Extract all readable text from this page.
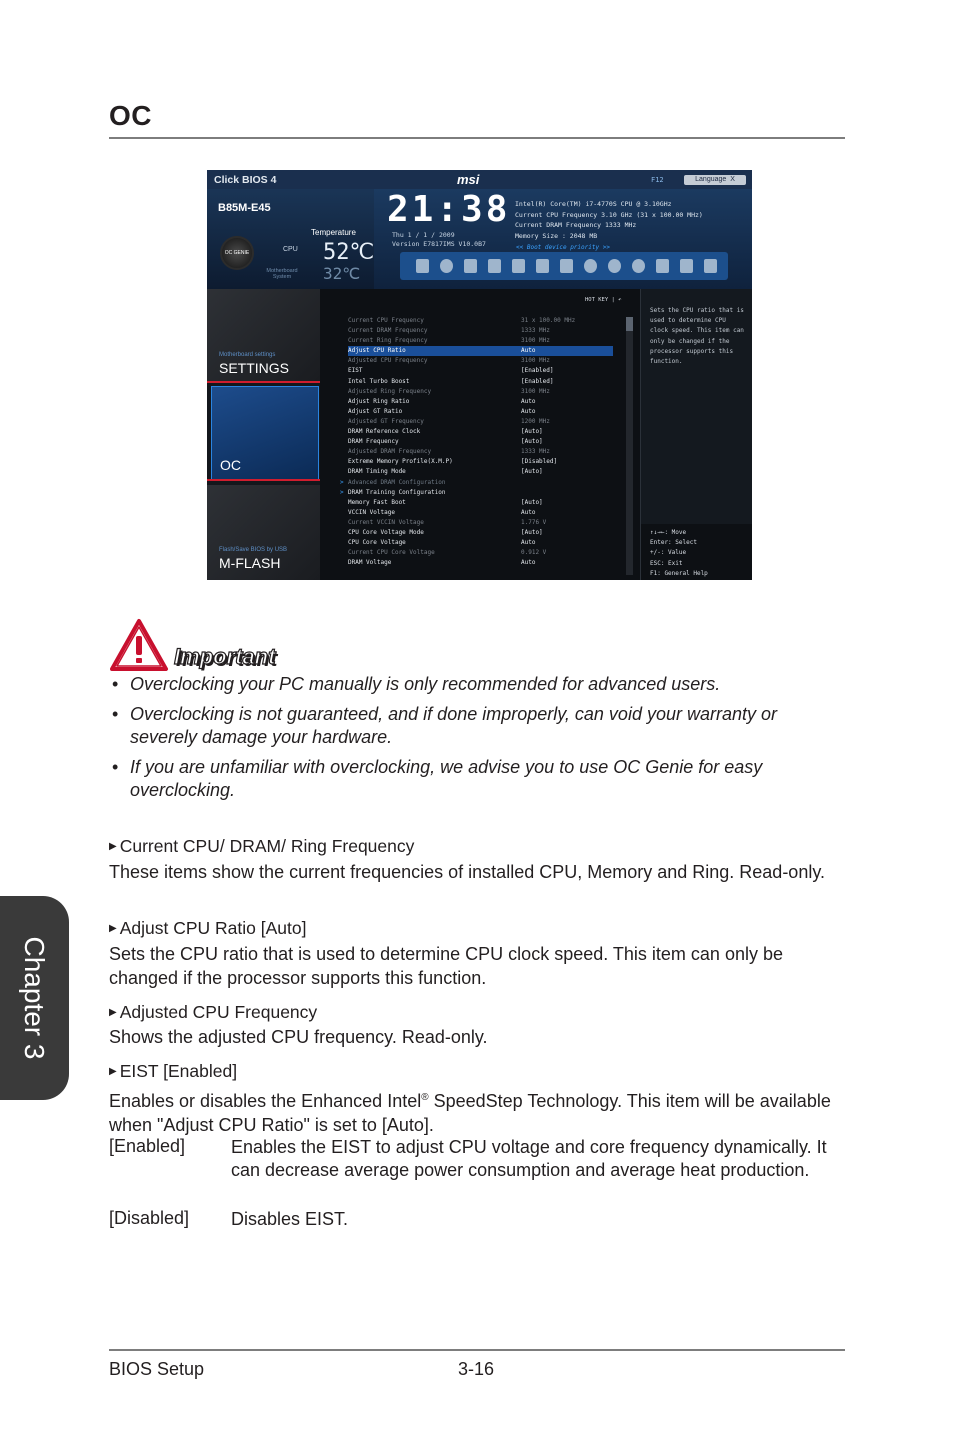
OC
Chapter 3
Click BIOS 4	msi	F12	Language X
B85M-E45
OC GENIE
Temperature
CPU 52℃
Motherboard System	32℃
21:38
Thu 1 / 1 / 2009
Version E7817IMS V10.0B7
Intel(R) Core(TM) i7-4770S CPU @ 3.10GHz
Current CPU Frequency 3.10 GHz (31 x 100.00 MHz)
Current DRAM Frequency 1333 MHz
Memory Size : 2048 MB
<< Boot device priority >>
Motherboard settings
SETTINGS
OC
Flash/Save BIOS by USB
M-FLASH
HOT KEY | ↶
Current CPU Frequency	31 x 100.00 MHz
Current DRAM Frequency	1333 MHz
Current Ring Frequency	3100 MHz
Adjust CPU Ratio	Auto
Adjusted CPU Frequency	3100 MHz
EIST	[Enabled]
Intel Turbo Boost	[Enabled]
Adjusted Ring Frequency	3100 MHz
Adjust Ring Ratio	Auto
Adjust GT Ratio	Auto
Adjusted GT Frequency	1200 MHz
DRAM Reference Clock	[Auto]
DRAM Frequency	[Auto]
Adjusted DRAM Frequency	1333 MHz
Extreme Memory Profile(X.M.P)	[Disabled]
DRAM Timing Mode	[Auto]
> Advanced DRAM Configuration
> DRAM Training Configuration
Memory Fast Boot	[Auto]
VCCIN Voltage	Auto
Current VCCIN Voltage	1.776 V
CPU Core Voltage Mode	[Auto]
CPU Core Voltage	Auto
Current CPU Core Voltage	0.912 V
DRAM Voltage	Auto
Sets the CPU ratio that is used to determine CPU clock speed. This item can only be changed if the processor supports this function.
↑↓→←: Move
Enter: Select
+/-: Value
ESC: Exit
F1: General Help
Important
• Overclocking your PC manually is only recommended for advanced users.
• Overclocking is not guaranteed, and if done improperly, can void your warranty or severely damage your hardware.
• If you are unfamiliar with overclocking, we advise you to use OC Genie for easy overclocking.
▶ Current CPU/ DRAM/ Ring Frequency
These items show the current frequencies of installed CPU, Memory and Ring. Read-only.
▶ Adjust CPU Ratio [Auto]
Sets the CPU ratio that is used to determine CPU clock speed. This item can only be changed if the processor supports this function.
▶ Adjusted CPU Frequency
Shows the adjusted CPU frequency. Read-only.
▶ EIST [Enabled]
Enables or disables the Enhanced Intel® SpeedStep Technology. This item will be available when "Adjust CPU Ratio" is set to [Auto].
[Enabled]	Enables the EIST to adjust CPU voltage and core frequency dynamically. It can decrease average power consumption and average heat production.
[Disabled] Disables EIST.
BIOS Setup	3-16
